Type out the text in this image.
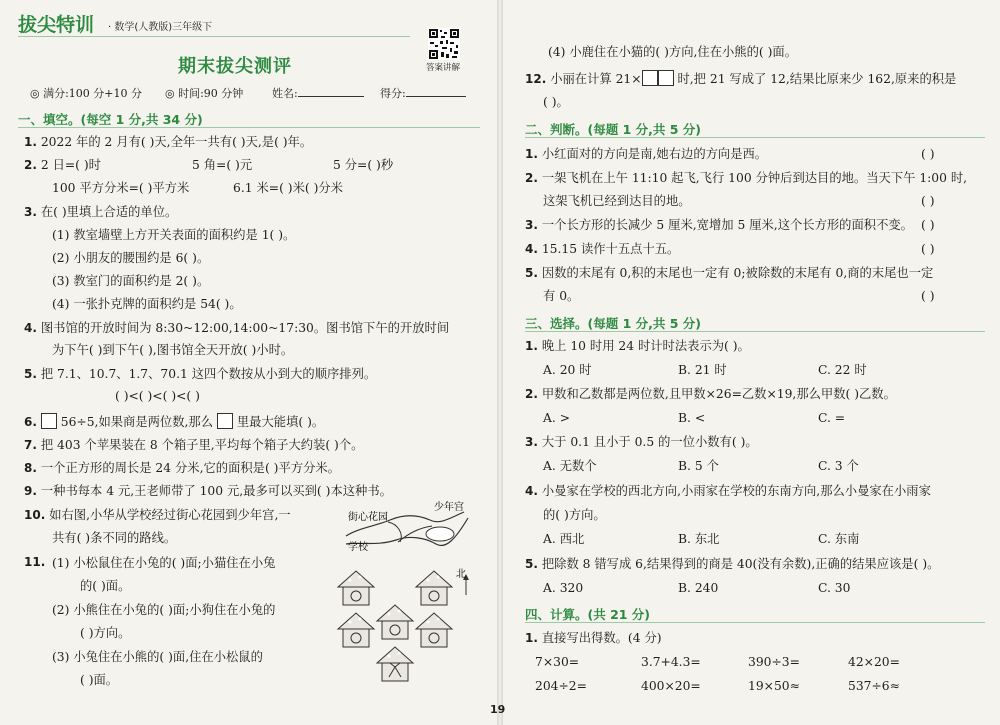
拔尖特训 · 数学(人教版)三年级下
期末拔尖测评	答案讲解
◎ 满分:100 分+10 分 ◎ 时间:90 分钟	姓名:	得分:
一、填空。(每空 1 分,共 34 分)
1. 2022 年的 2 月有( )天,全年一共有( )天,是( )年。
2. 2 日=( )时	5 角=( )元	5 分=( )秒
100 平方分米=( )平方米	6.1 米=( )米( )分米
3. 在( )里填上合适的单位。
(1) 教室墙壁上方开关表面的面积约是 1( )。
(2) 小朋友的腰围约是 6( )。
(3) 教室门的面积约是 2( )。
(4) 一张扑克牌的面积约是 54( )。
4. 图书馆的开放时间为 8:30~12:00,14:00~17:30。图书馆下午的开放时间
为下午( )到下午( ),图书馆全天开放( )小时。
5. 把 7.1、10.7、1.7、70.1 这四个数按从小到大的顺序排列。
( )<( )<( )<( )
6. 56÷5,如果商是两位数,那么 里最大能填( )。
7. 把 403 个苹果装在 8 个箱子里,平均每个箱子大约装( )个。
8. 一个正方形的周长是 24 分米,它的面积是( )平方分米。
9. 一种书每本 4 元,王老师带了 100 元,最多可以买到( )本这种书。
10. 如右图,小华从学校经过街心花园到少年宫,一
共有( )条不同的路线。
少年宫
街心花园
学校
11. (1) 小松鼠住在小兔的( )面;小猫住在小兔
的( )面。
(2) 小熊住在小兔的( )面;小狗住在小兔的
( )方向。
(3) 小兔住在小熊的( )面,住在小松鼠的
( )面。
北
(4) 小鹿住在小猫的( )方向,住在小熊的( )面。
12. 小丽在计算 21×	时,把 21 写成了 12,结果比原来少 162,原来的积是
( )。
二、判断。(每题 1 分,共 5 分)
1. 小红面对的方向是南,她右边的方向是西。	( )
2. 一架飞机在上午 11:10 起飞,飞行 100 分钟后到达目的地。当天下午 1:00 时,
这架飞机已经到达目的地。	( )
3. 一个长方形的长减少 5 厘米,宽增加 5 厘米,这个长方形的面积不变。 ( )
4. 15.15 读作十五点十五。	( )
5. 因数的末尾有 0,积的末尾也一定有 0;被除数的末尾有 0,商的末尾也一定
有 0。	( )
三、选择。(每题 1 分,共 5 分)
1. 晚上 10 时用 24 时计时法表示为( )。
A. 20 时	B. 21 时	C. 22 时
2. 甲数和乙数都是两位数,且甲数×26=乙数×19,那么甲数( )乙数。
A. >	B. <	C. =
3. 大于 0.1 且小于 0.5 的一位小数有( )。
A. 无数个	B. 5 个	C. 3 个
4. 小曼家在学校的西北方向,小雨家在学校的东南方向,那么小曼家在小雨家
的( )方向。
A. 西北	B. 东北	C. 东南
5. 把除数 8 错写成 6,结果得到的商是 40(没有余数),正确的结果应该是( )。
A. 320	B. 240	C. 30
四、计算。(共 21 分)
1. 直接写出得数。(4 分)
7×30=	3.7+4.3=	390÷3=	42×20=
204÷2=	400×20=	19×50≈	537÷6≈
19
